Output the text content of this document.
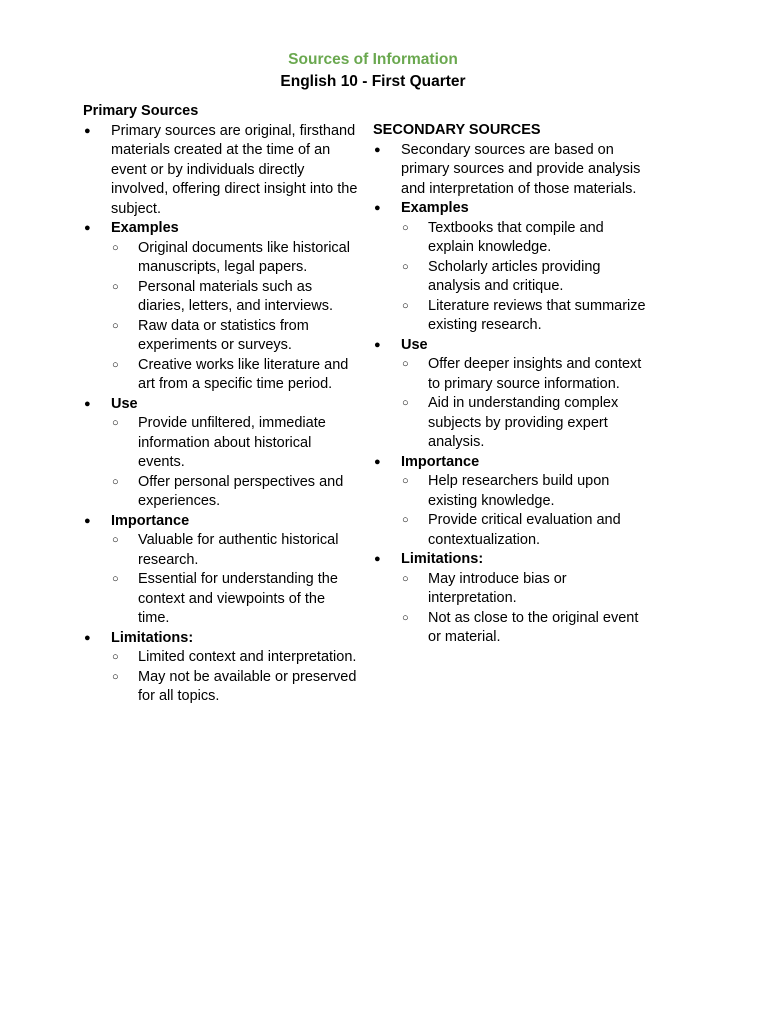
Sources of Information
English 10 - First Quarter
Primary Sources
● Primary sources are original, firsthand materials created at the time of an event or by individuals directly involved, offering direct insight into the subject.
● Examples
○ Original documents like historical manuscripts, legal papers.
○ Personal materials such as diaries, letters, and interviews.
○ Raw data or statistics from experiments or surveys.
○ Creative works like literature and art from a specific time period.
● Use
○ Provide unfiltered, immediate information about historical events.
○ Offer personal perspectives and experiences.
● Importance
○ Valuable for authentic historical research.
○ Essential for understanding the context and viewpoints of the time.
● Limitations:
○ Limited context and interpretation.
○ May not be available or preserved for all topics.
SECONDARY SOURCES
● Secondary sources are based on primary sources and provide analysis and interpretation of those materials.
● Examples
○ Textbooks that compile and explain knowledge.
○ Scholarly articles providing analysis and critique.
○ Literature reviews that summarize existing research.
● Use
○ Offer deeper insights and context to primary source information.
○ Aid in understanding complex subjects by providing expert analysis.
● Importance
○ Help researchers build upon existing knowledge.
○ Provide critical evaluation and contextualization.
● Limitations:
○ May introduce bias or interpretation.
○ Not as close to the original event or material.
